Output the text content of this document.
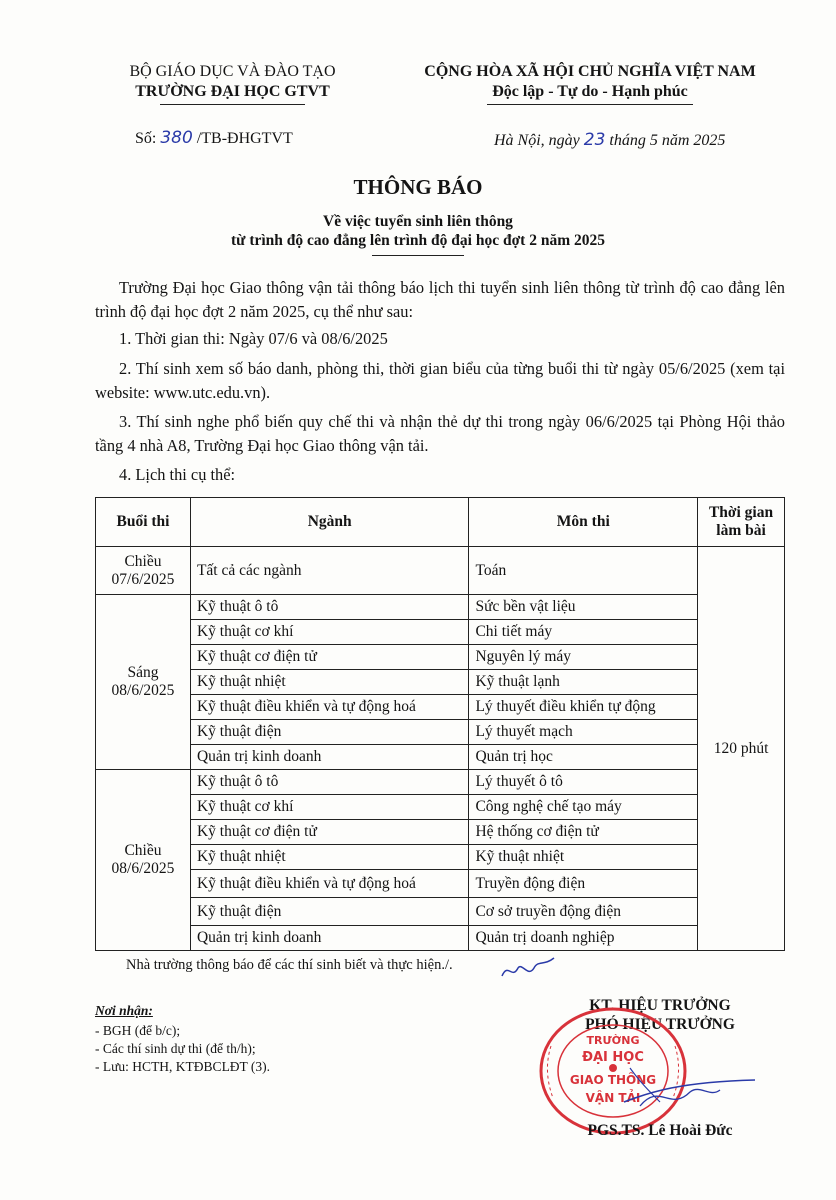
BỘ GIÁO DỤC VÀ ĐÀO TẠO
TRƯỜNG ĐẠI HỌC GTVT
CỘNG HÒA XÃ HỘI CHỦ NGHĨA VIỆT NAM
Độc lập - Tự do - Hạnh phúc
Số: 380 /TB-ĐHGTVT	Hà Nội, ngày 23 tháng 5 năm 2025
THÔNG BÁO
Về việc tuyển sinh liên thông
từ trình độ cao đẳng lên trình độ đại học đợt 2 năm 2025
Trường Đại học Giao thông vận tải thông báo lịch thi tuyển sinh liên thông từ trình độ cao đẳng lên trình độ đại học đợt 2 năm 2025, cụ thể như sau:
1. Thời gian thi: Ngày 07/6 và 08/6/2025
2. Thí sinh xem số báo danh, phòng thi, thời gian biểu của từng buổi thi từ ngày 05/6/2025 (xem tại website: www.utc.edu.vn).
3. Thí sinh nghe phổ biến quy chế thi và nhận thẻ dự thi trong ngày 06/6/2025 tại Phòng Hội thảo tầng 4 nhà A8, Trường Đại học Giao thông vận tải.
4. Lịch thi cụ thể:
Buổi thi	Ngành	Môn thi	Thời gian làm bài
Chiều 07/6/2025	Tất cả các ngành	Toán	120 phút
Sáng 08/6/2025	Kỹ thuật ô tô	Sức bền vật liệu	
	Kỹ thuật cơ khí	Chi tiết máy	
	Kỹ thuật cơ điện tử	Nguyên lý máy	
	Kỹ thuật nhiệt	Kỹ thuật lạnh	
	Kỹ thuật điều khiển và tự động hoá	Lý thuyết điều khiển tự động	
	Kỹ thuật điện	Lý thuyết mạch	
	Quản trị kinh doanh	Quản trị học	
Chiều 08/6/2025	Kỹ thuật ô tô	Lý thuyết ô tô	
	Kỹ thuật cơ khí	Công nghệ chế tạo máy	
	Kỹ thuật cơ điện tử	Hệ thống cơ điện tử	
	Kỹ thuật nhiệt	Kỹ thuật nhiệt	
	Kỹ thuật điều khiển và tự động hoá	Truyền động điện	
	Kỹ thuật điện	Cơ sở truyền động điện	
	Quản trị kinh doanh	Quản trị doanh nghiệp	
Nhà trường thông báo để các thí sinh biết và thực hiện./.
Nơi nhận:
- BGH (để b/c);
- Các thí sinh dự thi (để th/h);
- Lưu: HCTH, KTĐBCLĐT (3).
KT. HIỆU TRƯỞNG
PHÓ HIỆU TRƯỞNG
TRƯỜNG
ĐẠI HỌC
GIAO THÔNG
VẬN TẢI
PGS.TS. Lê Hoài Đức
